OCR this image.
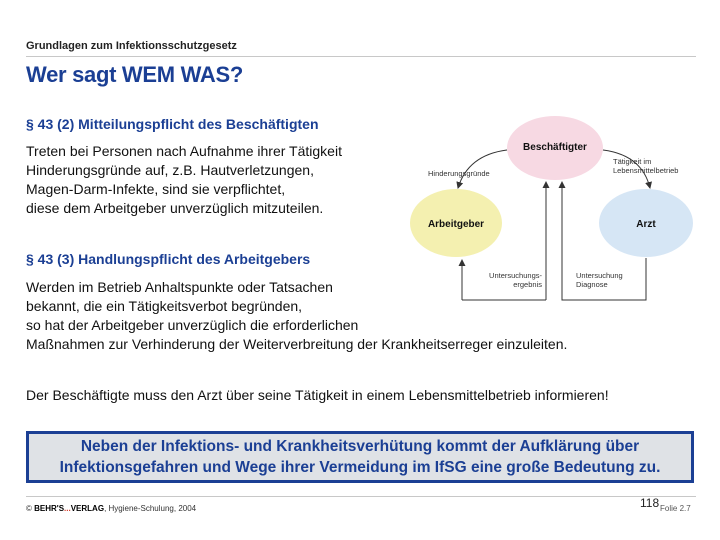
Grundlagen zum Infektionsschutzgesetz
Wer sagt WEM WAS?
§ 43 (2) Mitteilungspflicht des Beschäftigten
Treten bei Personen nach Aufnahme ihrer Tätigkeit
Hinderungsgründe auf, z.B. Hautverletzungen,
Magen-Darm-Infekte, sind sie verpflichtet,
diese dem Arbeitgeber unverzüglich mitzuteilen.
§ 43 (3) Handlungspflicht des Arbeitgebers
Werden im Betrieb Anhaltspunkte oder Tatsachen
bekannt, die ein Tätigkeitsverbot begründen,
so hat der Arbeitgeber unverzüglich die erforderlichen
Maßnahmen zur Verhinderung der Weiterverbreitung der Krankheitserreger einzuleiten.
Der Beschäftigte muss den Arzt über seine Tätigkeit in einem Lebensmittelbetrieb informieren!
Neben der Infektions- und Krankheitsverhütung kommt der Aufklärung über
Infektionsgefahren und Wege ihrer Vermeidung im IfSG eine große Bedeutung zu.
Beschäftigter
Arbeitgeber	Arzt
Hinderungsgründe
Tätigkeit im
Lebensmittelbetrieb
Untersuchungs-
ergebnis
Untersuchung
Diagnose
© BEHR'S...VERLAG, Hygiene-Schulung, 2004	118 Folie 2.7
